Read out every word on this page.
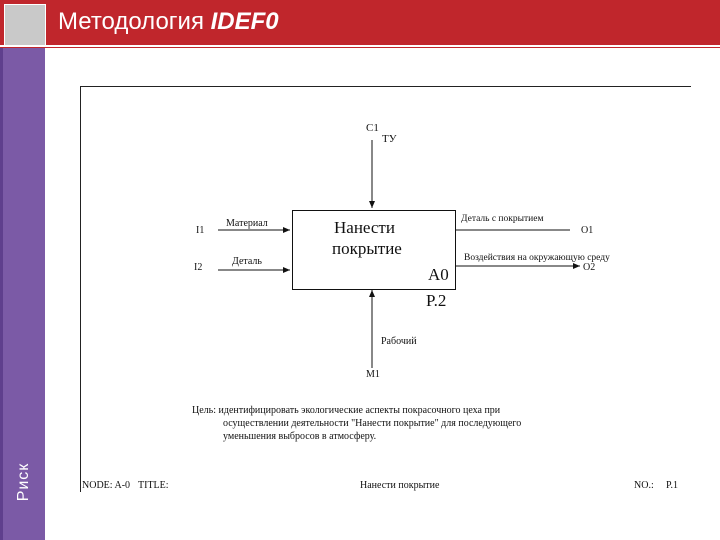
Методология IDEF0
Риск
Нанести
покрытие
A0
P.2
C1
ТУ
I1
Материал
I2
Деталь
Деталь с покрытием
O1
Воздействия на окружающую среду
O2
Рабочий
M1
Цель: идентифицировать экологические аспекты покрасочного цеха при
осуществлении деятельности "Нанести покрытие" для последующего
уменьшения выбросов в атмосферу.
NODE: A-0 TITLE:	Нанести покрытие	NO.: P.1
